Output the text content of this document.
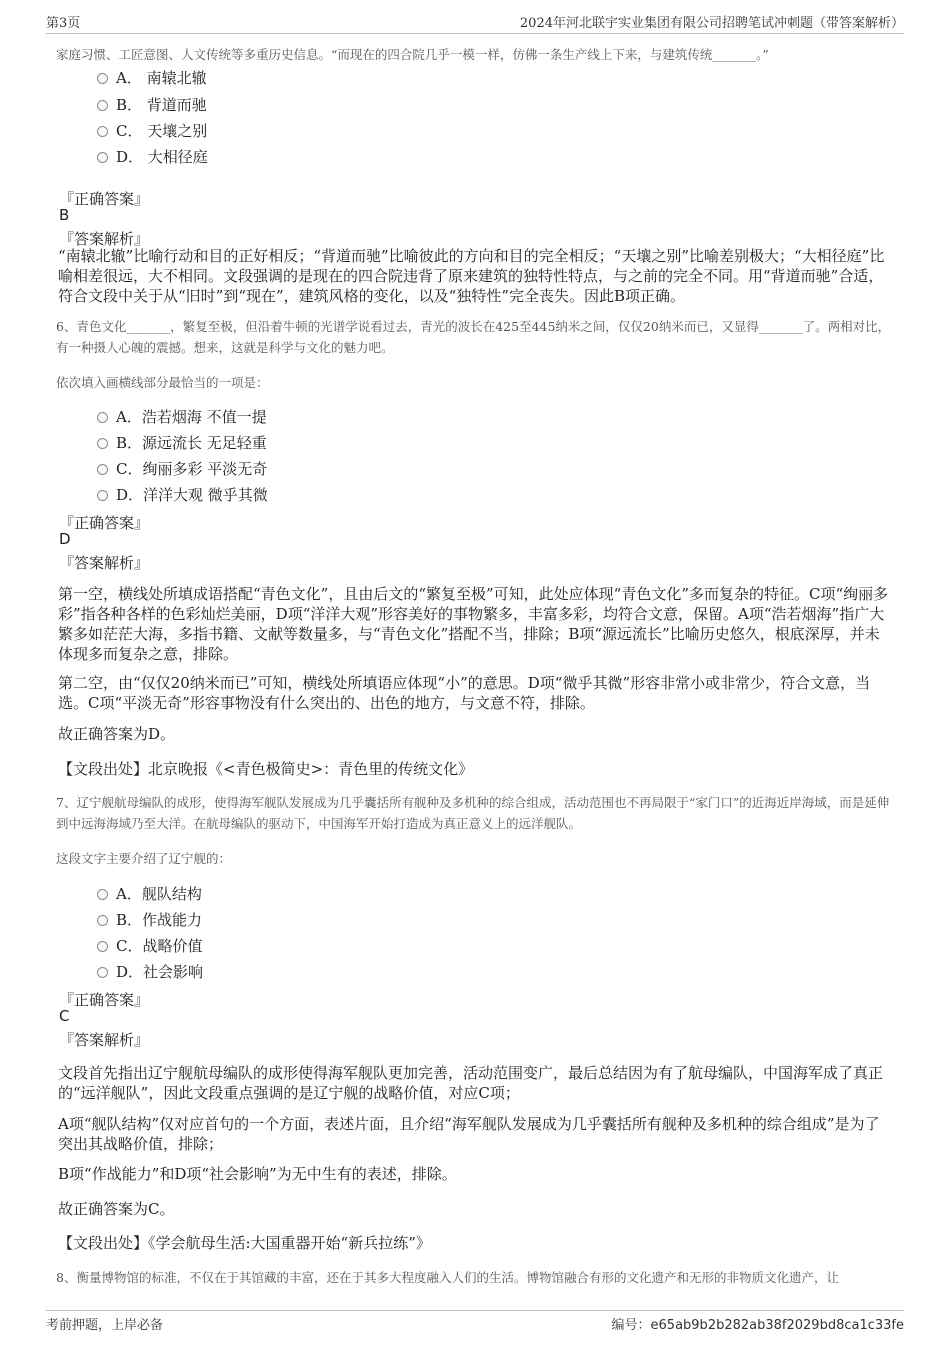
第3页	2024年河北联宇实业集团有限公司招聘笔试冲刺题（带答案解析）
家庭习惯、工匠意图、人文传统等多重历史信息。“而现在的四合院几乎一模一样，仿佛一条生产线上下来，与建筑传统_______。”
A． 南辕北辙
B． 背道而驰
C． 天壤之别
D． 大相径庭
『正确答案』
B
『答案解析』
“南辕北辙”比喻行动和目的正好相反；“背道而驰”比喻彼此的方向和目的完全相反；“天壤之别”比喻差别极大；“大相径庭”比喻相差很远，大不相同。文段强调的是现在的四合院违背了原来建筑的独特性特点，与之前的完全不同。用“背道而驰”合适，符合文段中关于从“旧时”到“现在”，建筑风格的变化，以及“独特性”完全丧失。因此B项正确。
6、青色文化_______，繁复至极，但沿着牛顿的光谱学说看过去，青光的波长在425至445纳米之间，仅仅20纳米而已，又显得_______了。两相对比，有一种摄人心魄的震撼。想来，这就是科学与文化的魅力吧。
依次填入画横线部分最恰当的一项是：
A．浩若烟海 不值一提
B．源远流长 无足轻重
C．绚丽多彩 平淡无奇
D．洋洋大观 微乎其微
『正确答案』
D
『答案解析』
第一空，横线处所填成语搭配“青色文化”，且由后文的“繁复至极”可知，此处应体现“青色文化”多而复杂的特征。C项“绚丽多彩”指各种各样的色彩灿烂美丽，D项“洋洋大观”形容美好的事物繁多，丰富多彩，均符合文意，保留。A项“浩若烟海”指广大繁多如茫茫大海，多指书籍、文献等数量多，与“青色文化”搭配不当，排除；B项“源远流长”比喻历史悠久，根底深厚，并未体现多而复杂之意，排除。
第二空，由“仅仅20纳米而已”可知，横线处所填语应体现“小”的意思。D项“微乎其微”形容非常小或非常少，符合文意，当选。C项“平淡无奇”形容事物没有什么突出的、出色的地方，与文意不符，排除。
故正确答案为D。
【文段出处】北京晚报《<青色极简史>：青色里的传统文化》
7、辽宁舰航母编队的成形，使得海军舰队发展成为几乎囊括所有舰种及多机种的综合组成，活动范围也不再局限于“家门口”的近海近岸海域，而是延伸到中远海海域乃至大洋。在航母编队的驱动下，中国海军开始打造成为真正意义上的远洋舰队。
这段文字主要介绍了辽宁舰的：
A．舰队结构
B．作战能力
C．战略价值
D．社会影响
『正确答案』
C
『答案解析』
文段首先指出辽宁舰航母编队的成形使得海军舰队更加完善，活动范围变广，最后总结因为有了航母编队，中国海军成了真正的“远洋舰队”，因此文段重点强调的是辽宁舰的战略价值，对应C项；
A项“舰队结构”仅对应首句的一个方面，表述片面，且介绍“海军舰队发展成为几乎囊括所有舰种及多机种的综合组成”是为了突出其战略价值，排除；
B项“作战能力”和D项“社会影响”为无中生有的表述，排除。
故正确答案为C。
【文段出处】《学会航母生活:大国重器开始“新兵拉练”》
8、衡量博物馆的标准，不仅在于其馆藏的丰富，还在于其多大程度融入人们的生活。博物馆融合有形的文化遗产和无形的非物质文化遗产，让
考前押题，上岸必备	编号：e65ab9b2b282ab38f2029bd8ca1c33fe
